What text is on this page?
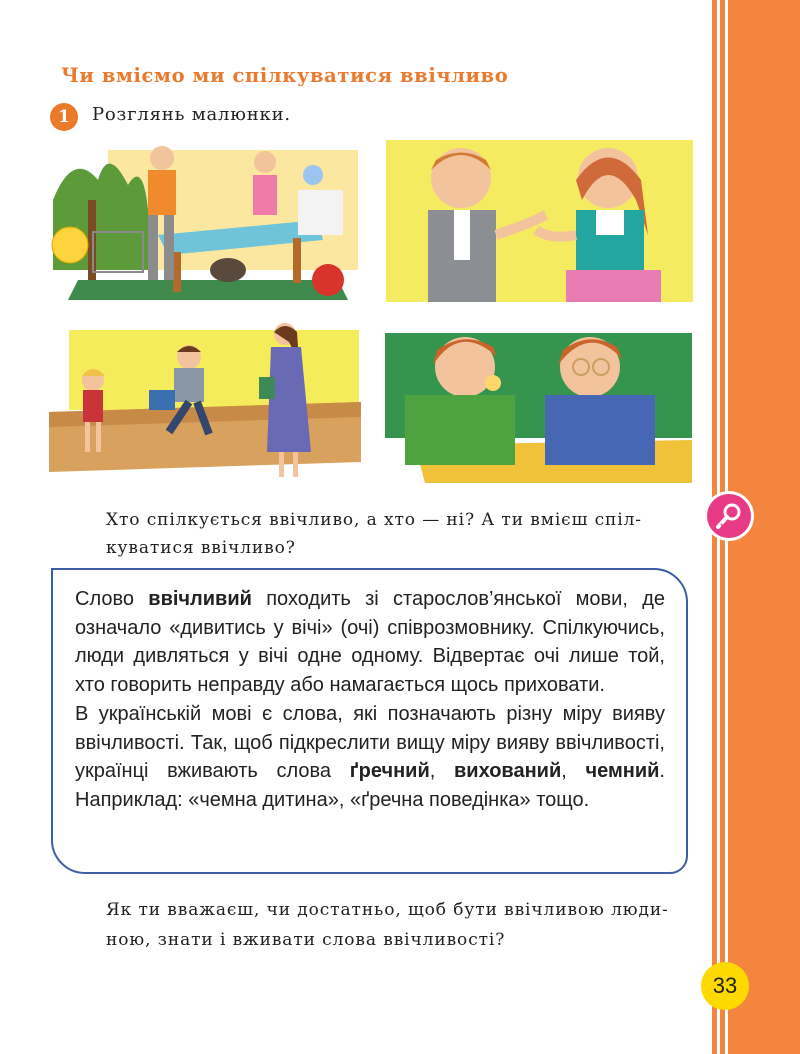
Чи вміємо ми спілкуватися ввічливо
1	Розглянь малюнки.

Хто спілкується ввічливо, а хто — ні? А ти вмієш спіл-
куватися ввічливо?

Слово ввічливий походить зі старослов’янської мови, де означало «дивитись у вічі» (очі) співрозмовнику. Спілкуючись, люди дивляться у вічі одне одному. Відвертає очі лише той, хто говорить неправду або намагається щось приховати.
В українській мові є слова, які позначають різну міру вияву ввічливості. Так, щоб підкреслити вищу міру вияву ввічливості, українці вживають слова ґречний, вихований, чемний. Наприклад: «чемна дитина», «ґречна поведінка» тощо.

Як ти вважаєш, чи достатньо, щоб бути ввічливою люди-
ною, знати і вживати слова ввічливості?

33
